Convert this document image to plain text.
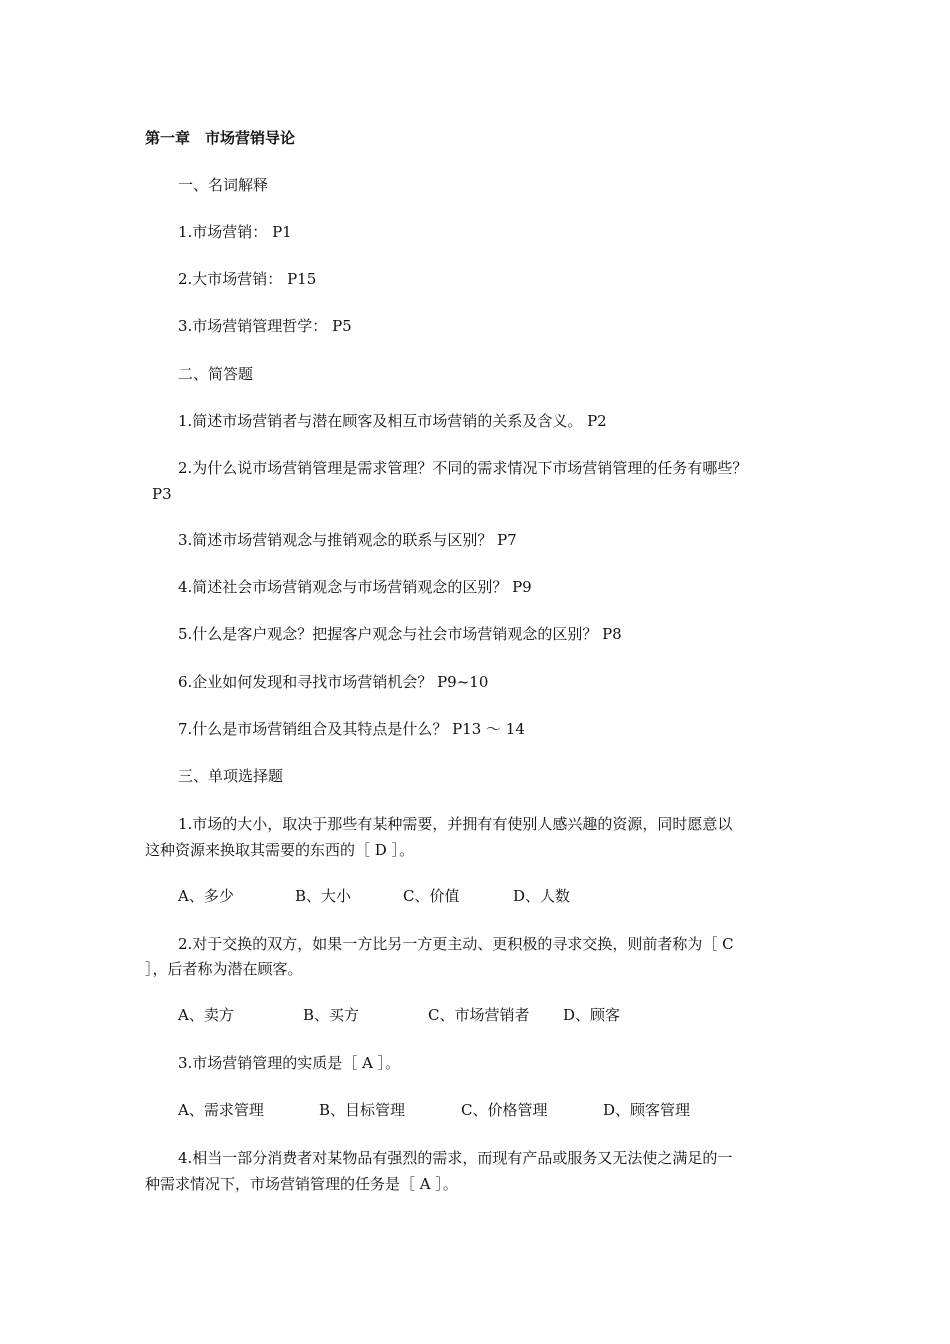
第一章　市场营销导论
一、名词解释
1.市场营销： P1
2.大市场营销： P15
3.市场营销管理哲学： P5
二、简答题
1.简述市场营销者与潜在顾客及相互市场营销的关系及含义。 P2
2.为什么说市场营销管理是需求管理？不同的需求情况下市场营销管理的任务有哪些？
P3
3.简述市场营销观念与推销观念的联系与区别？ P7
4.简述社会市场营销观念与市场营销观念的区别？ P9
5.什么是客户观念？把握客户观念与社会市场营销观念的区别？ P8
6.企业如何发现和寻找市场营销机会？ P9~10
7.什么是市场营销组合及其特点是什么？ P13 ～ 14
三、单项选择题
1.市场的大小，取决于那些有某种需要，并拥有有使别人感兴趣的资源，同时愿意以
这种资源来换取其需要的东西的［ D ］。
A、多少	B、大小	C、价值	D、人数
2.对于交换的双方，如果一方比另一方更主动、更积极的寻求交换，则前者称为［ C
］，后者称为潜在顾客。
A、卖方	B、买方	C、市场营销者 D、顾客
3.市场营销管理的实质是［ A ］。
A、需求管理	B、目标管理	C、价格管理	D、顾客管理
4.相当一部分消费者对某物品有强烈的需求，而现有产品或服务又无法使之满足的一
种需求情况下，市场营销管理的任务是［ A ］。
